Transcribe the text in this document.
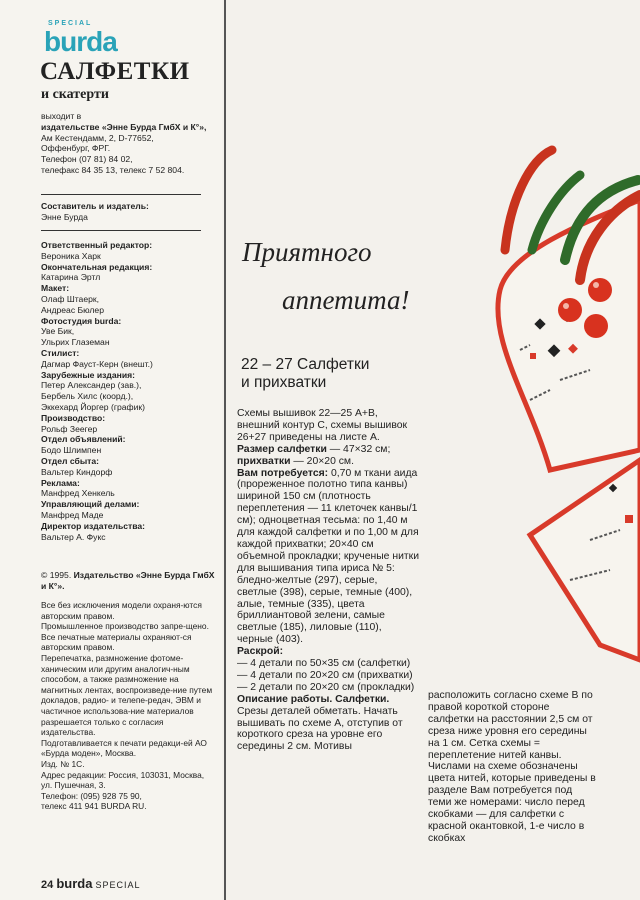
SPECIAL
burda
САЛФЕТКИ
и скатерти
выходит в
издательстве «Энне Бурда ГмбХ и К°»,
Ам Кестендамм, 2, D-77652,
Оффенбург, ФРГ.
Телефон (07 81) 84 02,
телефакс 84 35 13, телекс 7 52 804.
Составитель и издатель:
Энне Бурда
Ответственный редактор:
Вероника Харк
Окончательная редакция:
Катарина Эртл
Макет:
Олаф Штаерк,
Андреас Бюлер
Фотостудия burda:
Уве Бик,
Ульрих Глаземан
Стилист:
Дагмар Фауст-Керн (внешт.)
Зарубежные издания:
Петер Александер (зав.),
Бербель Хилс (коорд.),
Эккехард Йоргер (график)
Производство:
Рольф Зеегер
Отдел объявлений:
Бодо Шлимпен
Отдел сбыта:
Вальтер Киндорф
Реклама:
Манфред Хенкель
Управляющий делами:
Манфред Маде
Директор издательства:
Вальтер А. Фукс
© 1995. Издательство «Энне Бурда ГмбХ и К°».
Все без исключения модели охраня-ются авторским правом.
Промышленное производство запре-щено.
Все печатные материалы охраняют-ся авторским правом.
Перепечатка, размножение фотоме-ханическим или другим аналогич-ным способом, а также размножение на магнитных лентах, воспроизведе-ние путем докладов, радио- и телепе-редач, ЭВМ и частичное использова-ние материалов разрешается только с согласия издательства.
Подготавливается к печати редакци-ей АО «Бурда моден», Москва.
Изд. № 1С.
Адрес редакции: Россия, 103031, Москва, ул. Пушечная, 3.
Телефон: (095) 928 75 90,
телекс 411 941 BURDA RU.
24 burda SPECIAL
Приятного
аппетита!
22 – 27 Салфетки
и прихватки
Схемы вышивок 22—25 А+В, внешний контур С, схемы вышивок 26+27 приведены на листе А.
Размер салфетки — 47×32 см;
прихватки — 20×20 см.
Вам потребуется: 0,70 м ткани аида (прореженное полотно типа канвы) шириной 150 см (плотность переплетения — 11 клеточек канвы/1 см); одноцветная тесьма: по 1,40 м для каждой салфетки и по 1,00 м для каждой прихватки; 20×40 см объемной прокладки; крученые нитки для вышивания типа ириса № 5: бледно-желтые (297), серые, светлые (398), серые, темные (400), алые, темные (335), цвета бриллиантовой зелени, самые светлые (185), лиловые (110), черные (403).
Раскрой:
— 4 детали по 50×35 см (салфетки)
— 4 детали по 20×20 см (прихватки)
— 2 детали по 20×20 см (прокладки)
Описание работы. Салфетки. Срезы деталей обметать. Начать вышивать по схеме А, отступив от короткого среза на уровне его середины 2 см. Мотивы
расположить согласно схеме В по правой короткой стороне салфетки на расстоянии 2,5 см от среза ниже уровня его середины на 1 см. Сетка схемы = переплетение нитей канвы. Числами на схеме обозначены цвета нитей, которые приведены в разделе Вам потребуется под теми же номерами: число перед скобками — для салфетки с красной окантовкой, 1-е число в скобках
